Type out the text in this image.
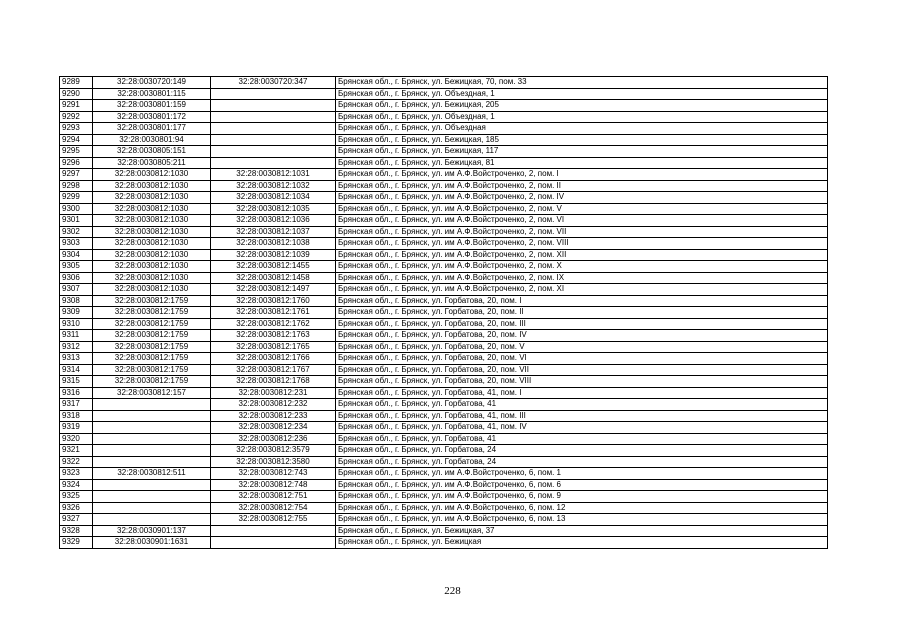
9289	32:28:0030720:149	32:28:0030720:347	Брянская обл., г. Брянск, ул. Бежицкая, 70, пом. 33
9290	32:28:0030801:115		Брянская обл., г. Брянск, ул. Объездная, 1
9291	32:28:0030801:159		Брянская обл., г. Брянск, ул. Бежицкая, 205
9292	32:28:0030801:172		Брянская обл., г. Брянск, ул. Объездная, 1
9293	32:28:0030801:177		Брянская обл., г. Брянск, ул. Объездная
9294	32:28:0030801:94		Брянская обл., г. Брянск, ул. Бежицкая, 185
9295	32:28:0030805:151		Брянская обл., г. Брянск, ул. Бежицкая, 117
9296	32:28:0030805:211		Брянская обл., г. Брянск, ул. Бежицкая, 81
9297	32:28:0030812:1030	32:28:0030812:1031	Брянская обл., г. Брянск, ул. им А.Ф.Войстроченко, 2, пом. I
9298	32:28:0030812:1030	32:28:0030812:1032	Брянская обл., г. Брянск, ул. им А.Ф.Войстроченко, 2, пом. II
9299	32:28:0030812:1030	32:28:0030812:1034	Брянская обл., г. Брянск, ул. им А.Ф.Войстроченко, 2, пом. IV
9300	32:28:0030812:1030	32:28:0030812:1035	Брянская обл., г. Брянск, ул. им А.Ф.Войстроченко, 2, пом. V
9301	32:28:0030812:1030	32:28:0030812:1036	Брянская обл., г. Брянск, ул. им А.Ф.Войстроченко, 2, пом. VI
9302	32:28:0030812:1030	32:28:0030812:1037	Брянская обл., г. Брянск, ул. им А.Ф.Войстроченко, 2, пом. VII
9303	32:28:0030812:1030	32:28:0030812:1038	Брянская обл., г. Брянск, ул. им А.Ф.Войстроченко, 2, пом. VIII
9304	32:28:0030812:1030	32:28:0030812:1039	Брянская обл., г. Брянск, ул. им А.Ф.Войстроченко, 2, пом. XII
9305	32:28:0030812:1030	32:28:0030812:1455	Брянская обл., г. Брянск, ул. им А.Ф.Войстроченко, 2, пом. X
9306	32:28:0030812:1030	32:28:0030812:1458	Брянская обл., г. Брянск, ул. им А.Ф.Войстроченко, 2, пом. IX
9307	32:28:0030812:1030	32:28:0030812:1497	Брянская обл., г. Брянск, ул. им А.Ф.Войстроченко, 2, пом. XI
9308	32:28:0030812:1759	32:28:0030812:1760	Брянская обл., г. Брянск, ул. Горбатова, 20, пом. I
9309	32:28:0030812:1759	32:28:0030812:1761	Брянская обл., г. Брянск, ул. Горбатова, 20, пом. II
9310	32:28:0030812:1759	32:28:0030812:1762	Брянская обл., г. Брянск, ул. Горбатова, 20, пом. III
9311	32:28:0030812:1759	32:28:0030812:1763	Брянская обл., г. Брянск, ул. Горбатова, 20, пом. IV
9312	32:28:0030812:1759	32:28:0030812:1765	Брянская обл., г. Брянск, ул. Горбатова, 20, пом. V
9313	32:28:0030812:1759	32:28:0030812:1766	Брянская обл., г. Брянск, ул. Горбатова, 20, пом. VI
9314	32:28:0030812:1759	32:28:0030812:1767	Брянская обл., г. Брянск, ул. Горбатова, 20, пом. VII
9315	32:28:0030812:1759	32:28:0030812:1768	Брянская обл., г. Брянск, ул. Горбатова, 20, пом. VIII
9316	32:28:0030812:157	32:28:0030812:231	Брянская обл., г. Брянск, ул. Горбатова, 41, пом. I
9317		32:28:0030812:232	Брянская обл., г. Брянск, ул. Горбатова, 41
9318		32:28:0030812:233	Брянская обл., г. Брянск, ул. Горбатова, 41, пом. III
9319		32:28:0030812:234	Брянская обл., г. Брянск, ул. Горбатова, 41, пом. IV
9320		32:28:0030812:236	Брянская обл., г. Брянск, ул. Горбатова, 41
9321		32:28:0030812:3579	Брянская обл., г. Брянск, ул. Горбатова, 24
9322		32:28:0030812:3580	Брянская обл., г. Брянск, ул. Горбатова, 24
9323	32:28:0030812:511	32:28:0030812:743	Брянская обл., г. Брянск, ул. им А.Ф.Войстроченко, 6, пом. 1
9324		32:28:0030812:748	Брянская обл., г. Брянск, ул. им А.Ф.Войстроченко, 6, пом. 6
9325		32:28:0030812:751	Брянская обл., г. Брянск, ул. им А.Ф.Войстроченко, 6, пом. 9
9326		32:28:0030812:754	Брянская обл., г. Брянск, ул. им А.Ф.Войстроченко, 6, пом. 12
9327		32:28:0030812:755	Брянская обл., г. Брянск, ул. им А.Ф.Войстроченко, 6, пом. 13
9328	32:28:0030901:137		Брянская обл., г. Брянск, ул. Бежицкая, 37
9329	32:28:0030901:1631		Брянская обл., г. Брянск, ул. Бежицкая
228
